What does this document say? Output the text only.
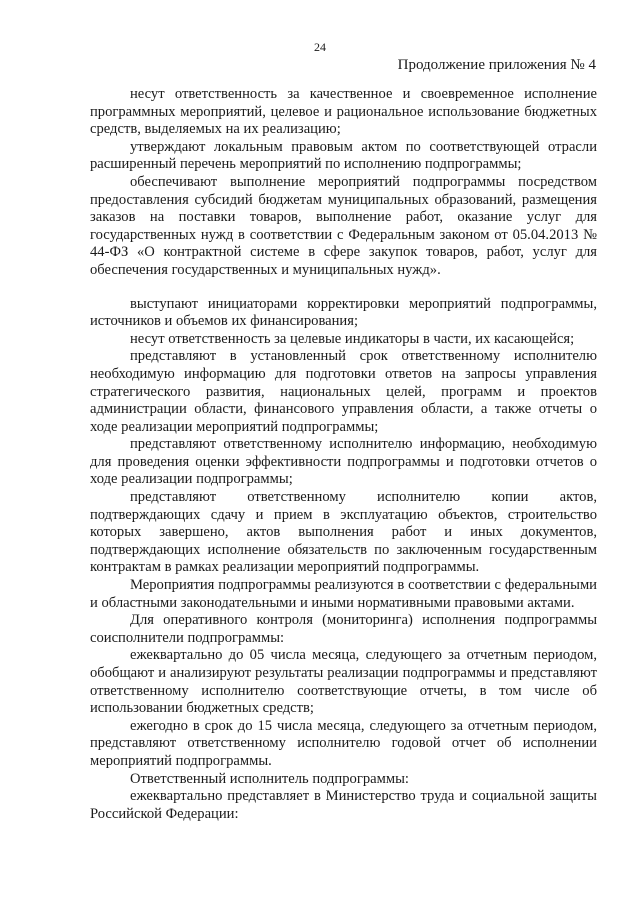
24
Продолжение приложения № 4

несут ответственность за качественное и своевременное исполнение программных мероприятий, целевое и рациональное использование бюджетных средств, выделяемых на их реализацию;

утверждают локальным правовым актом по соответствующей отрасли расширенный перечень мероприятий по исполнению подпрограммы;

обеспечивают выполнение мероприятий подпрограммы посредством предоставления субсидий бюджетам муниципальных образований, размещения заказов на поставки товаров, выполнение работ, оказание услуг для государственных нужд в соответствии с Федеральным законом от 05.04.2013 № 44-ФЗ «О контрактной системе в сфере закупок товаров, работ, услуг для обеспечения государственных и муниципальных нужд».

выступают инициаторами корректировки мероприятий подпрограммы, источников и объемов их финансирования;

несут ответственность за целевые индикаторы в части, их касающейся;

представляют в установленный срок ответственному исполнителю необходимую информацию для подготовки ответов на запросы управления стратегического развития, национальных целей, программ и проектов администрации области, финансового управления области, а также отчеты о ходе реализации мероприятий подпрограммы;

представляют ответственному исполнителю информацию, необходимую для проведения оценки эффективности подпрограммы и подготовки отчетов о ходе реализации подпрограммы;

представляют ответственному исполнителю копии актов, подтверждающих сдачу и прием в эксплуатацию объектов, строительство которых завершено, актов выполнения работ и иных документов, подтверждающих исполнение обязательств по заключенным государственным контрактам в рамках реализации мероприятий подпрограммы.

Мероприятия подпрограммы реализуются в соответствии с федеральными и областными законодательными и иными нормативными правовыми актами.

Для оперативного контроля (мониторинга) исполнения подпрограммы соисполнители подпрограммы:

ежеквартально до 05 числа месяца, следующего за отчетным периодом, обобщают и анализируют результаты реализации подпрограммы и представляют ответственному исполнителю соответствующие отчеты, в том числе об использовании бюджетных средств;

ежегодно в срок до 15 числа месяца, следующего за отчетным периодом, представляют ответственному исполнителю годовой отчет об исполнении мероприятий подпрограммы.

Ответственный исполнитель подпрограммы:

ежеквартально представляет в Министерство труда и социальной защиты Российской Федерации:
